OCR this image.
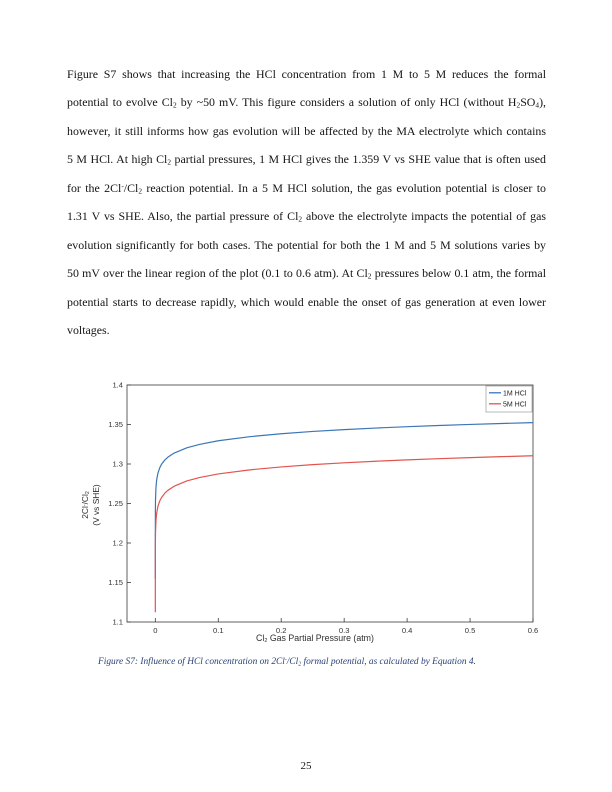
Figure S7 shows that increasing the HCl concentration from 1 M to 5 M reduces the formal
potential to evolve $Cl_2$ by ~50 mV. This figure considers a solution of only HCl (without $H_2SO_4$),
however, it still informs how gas evolution will be affected by the MA electrolyte which contains
5 M HCl. At high $Cl_2$ partial pressures, 1 M HCl gives the 1.359 V vs SHE value that is often used
for the $2Cl^-/Cl_2$ reaction potential. In a 5 M HCl solution, the gas evolution potential is closer to
1.31 V vs SHE. Also, the partial pressure of $Cl_2$ above the electrolyte impacts the potential of gas
evolution significantly for both cases. The potential for both the 1 M and 5 M solutions varies by
50 mV over the linear region of the plot (0.1 to 0.6 atm). At $Cl_2$ pressures below 0.1 atm, the formal
potential starts to decrease rapidly, which would enable the onset of gas generation at even lower
voltages.
0	0.1	0.2	0.3	0.4	0.5	0.6
1.1
1.15
1.2
1.25
1.3
1.35
1.4
1M HCl
5M HCl
$Cl_2$ Gas Partial Pressure (atm)
$2Cl^-/Cl_2$ (V vs SHE)
Figure S7: Influence of HCl concentration on $2Cl^-/Cl_2$ formal potential, as calculated by Equation 4.
25
